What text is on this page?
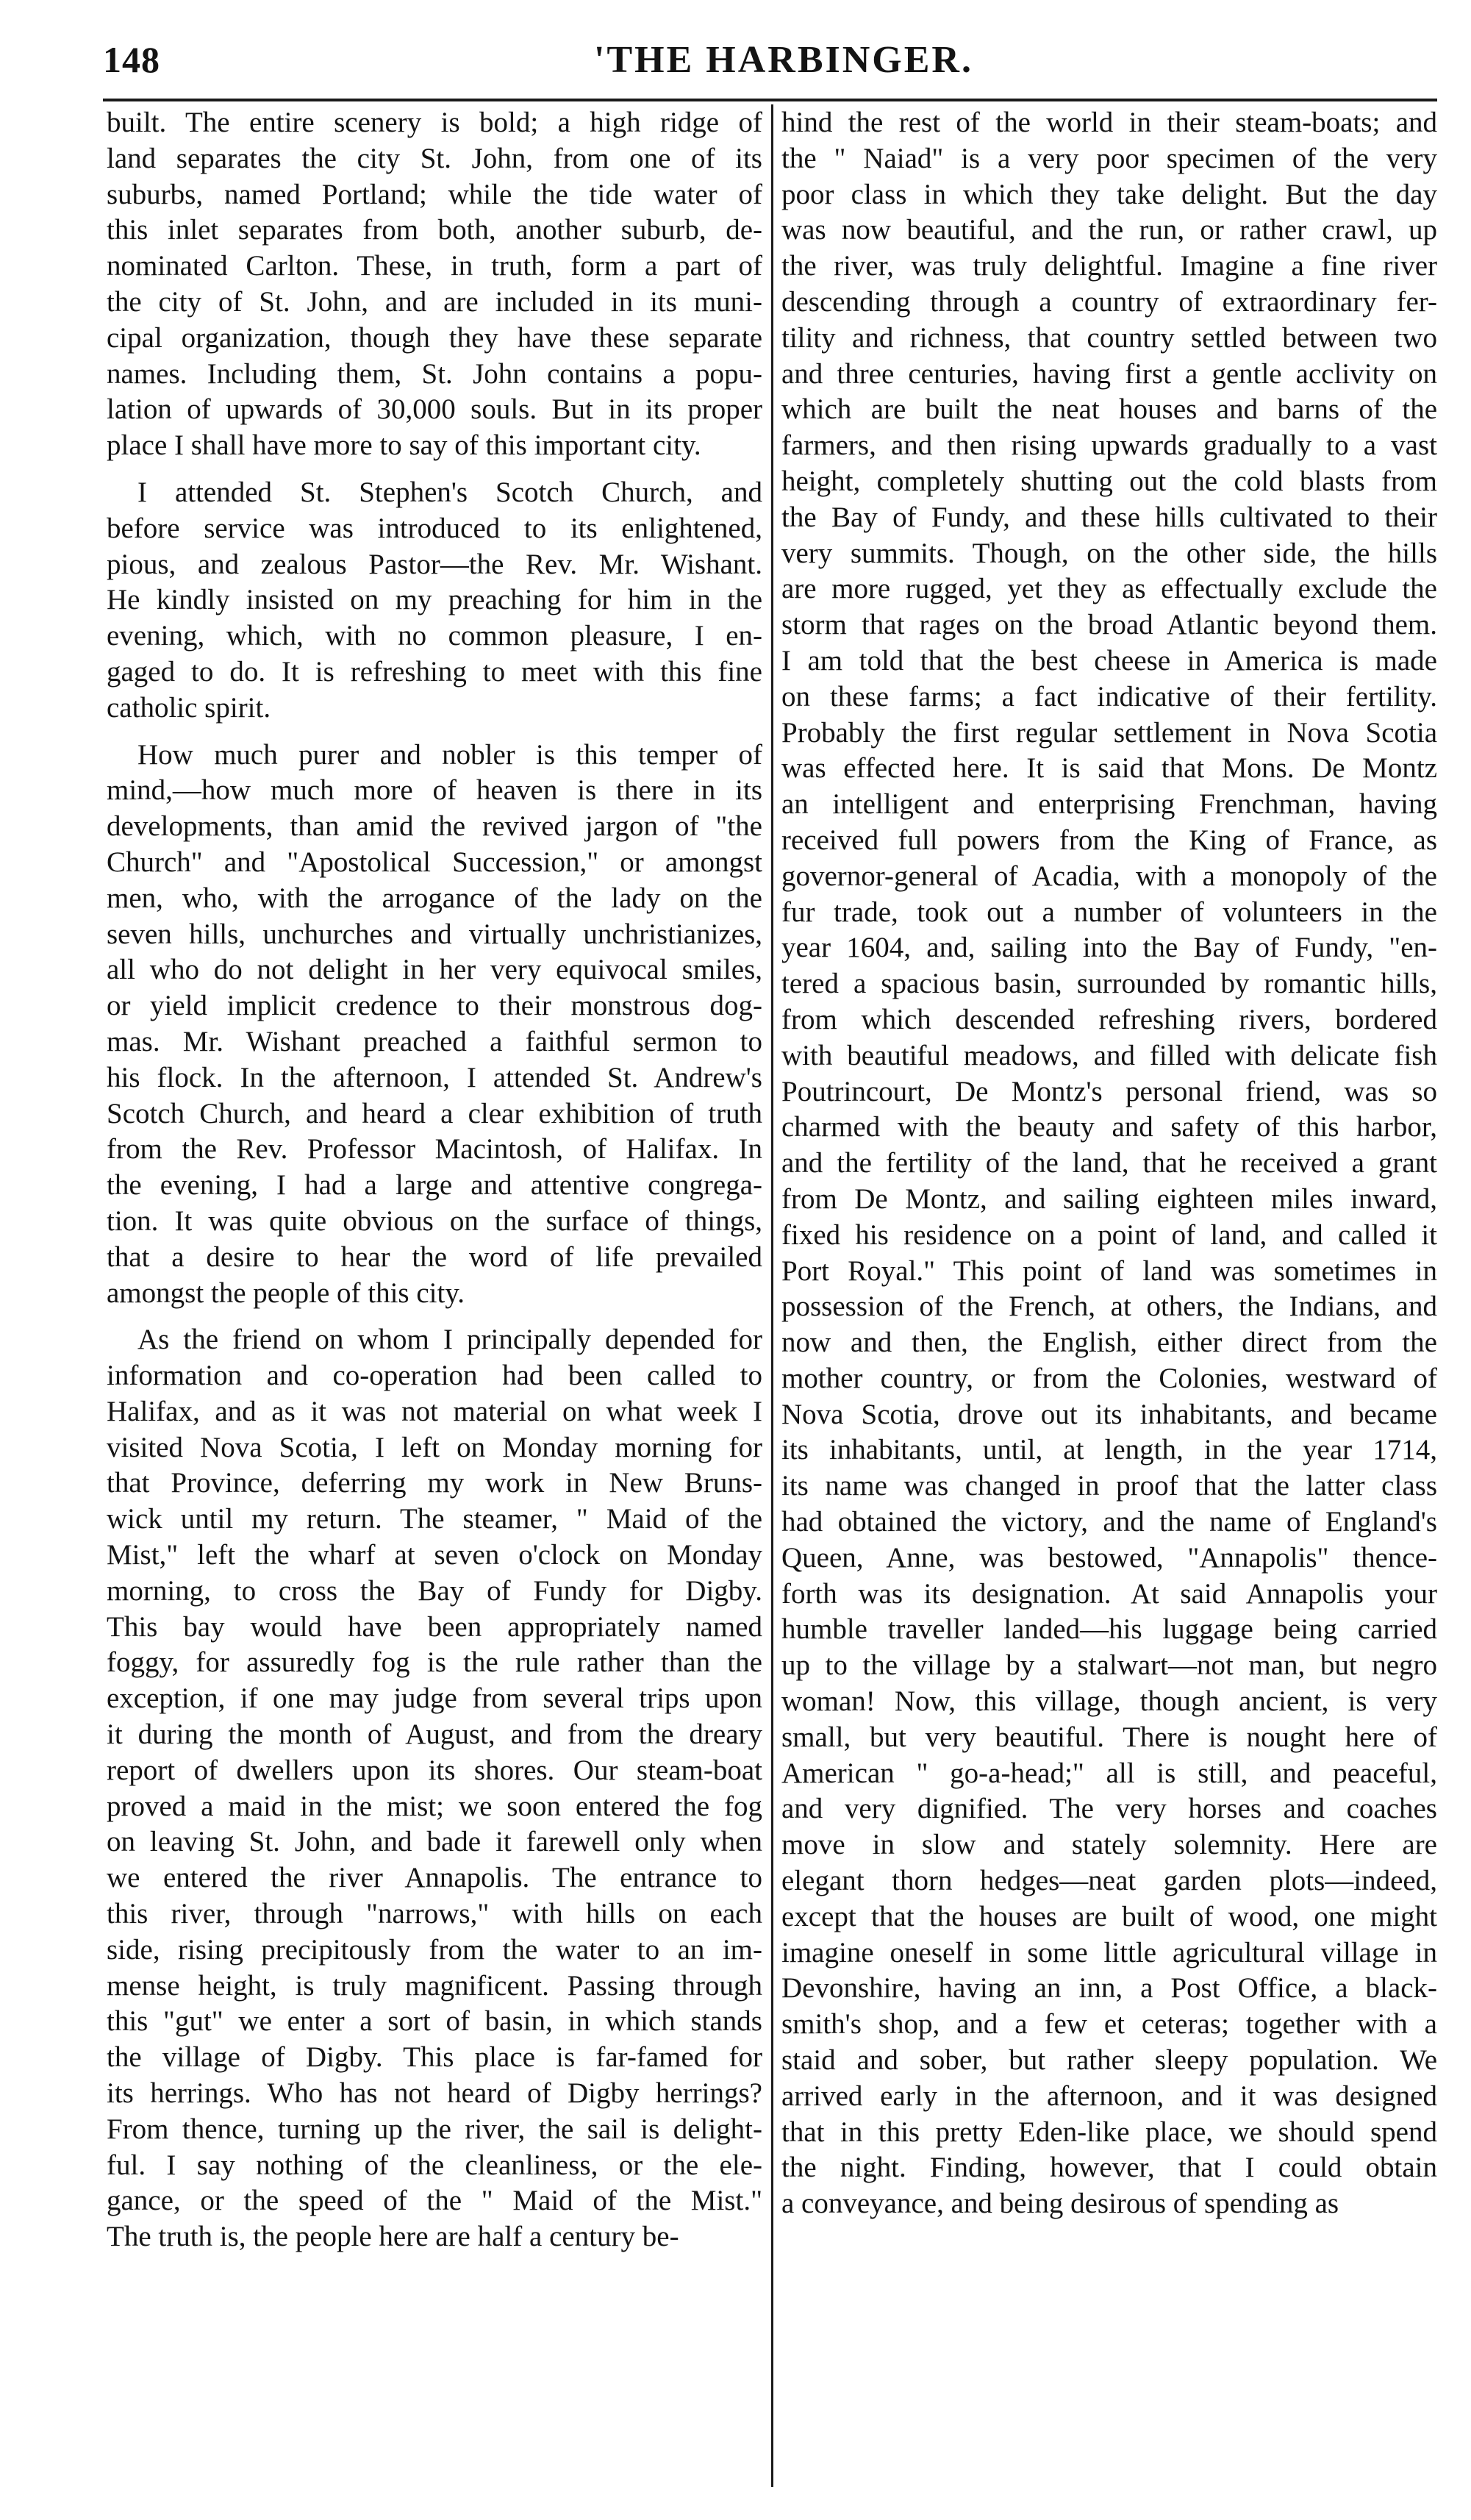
148	'THE HARBINGER.
built. The entire scenery is bold; a high ridge of
land separates the city St. John, from one of its
suburbs, named Portland; while the tide water of
this inlet separates from both, another suburb, de-
nominated Carlton. These, in truth, form a part of
the city of St. John, and are included in its muni-
cipal organization, though they have these separate
names. Including them, St. John contains a popu-
lation of upwards of 30,000 souls. But in its proper
place I shall have more to say of this important city.
I attended St. Stephen's Scotch Church, and
before service was introduced to its enlightened,
pious, and zealous Pastor—the Rev. Mr. Wishant.
He kindly insisted on my preaching for him in the
evening, which, with no common pleasure, I en-
gaged to do. It is refreshing to meet with this fine
catholic spirit.
How much purer and nobler is this temper of
mind,—how much more of heaven is there in its
developments, than amid the revived jargon of "the
Church" and "Apostolical Succession," or amongst
men, who, with the arrogance of the lady on the
seven hills, unchurches and virtually unchristianizes,
all who do not delight in her very equivocal smiles,
or yield implicit credence to their monstrous dog-
mas. Mr. Wishant preached a faithful sermon to
his flock. In the afternoon, I attended St. Andrew's
Scotch Church, and heard a clear exhibition of truth
from the Rev. Professor Macintosh, of Halifax. In
the evening, I had a large and attentive congrega-
tion. It was quite obvious on the surface of things,
that a desire to hear the word of life prevailed
amongst the people of this city.
As the friend on whom I principally depended for
information and co-operation had been called to
Halifax, and as it was not material on what week I
visited Nova Scotia, I left on Monday morning for
that Province, deferring my work in New Bruns-
wick until my return. The steamer, " Maid of the
Mist," left the wharf at seven o'clock on Monday
morning, to cross the Bay of Fundy for Digby.
This bay would have been appropriately named
foggy, for assuredly fog is the rule rather than the
exception, if one may judge from several trips upon
it during the month of August, and from the dreary
report of dwellers upon its shores. Our steam-boat
proved a maid in the mist; we soon entered the fog
on leaving St. John, and bade it farewell only when
we entered the river Annapolis. The entrance to
this river, through "narrows," with hills on each
side, rising precipitously from the water to an im-
mense height, is truly magnificent. Passing through
this "gut" we enter a sort of basin, in which stands
the village of Digby. This place is far-famed for
its herrings. Who has not heard of Digby herrings?
From thence, turning up the river, the sail is delight-
ful. I say nothing of the cleanliness, or the ele-
gance, or the speed of the " Maid of the Mist."
The truth is, the people here are half a century be-
hind the rest of the world in their steam-boats; and
the " Naiad" is a very poor specimen of the very
poor class in which they take delight. But the day
was now beautiful, and the run, or rather crawl, up
the river, was truly delightful. Imagine a fine river
descending through a country of extraordinary fer-
tility and richness, that country settled between two
and three centuries, having first a gentle acclivity on
which are built the neat houses and barns of the
farmers, and then rising upwards gradually to a vast
height, completely shutting out the cold blasts from
the Bay of Fundy, and these hills cultivated to their
very summits. Though, on the other side, the hills
are more rugged, yet they as effectually exclude the
storm that rages on the broad Atlantic beyond them.
I am told that the best cheese in America is made
on these farms; a fact indicative of their fertility.
Probably the first regular settlement in Nova Scotia
was effected here. It is said that Mons. De Montz
an intelligent and enterprising Frenchman, having
received full powers from the King of France, as
governor-general of Acadia, with a monopoly of the
fur trade, took out a number of volunteers in the
year 1604, and, sailing into the Bay of Fundy, "en-
tered a spacious basin, surrounded by romantic hills,
from which descended refreshing rivers, bordered
with beautiful meadows, and filled with delicate fish
Poutrincourt, De Montz's personal friend, was so
charmed with the beauty and safety of this harbor,
and the fertility of the land, that he received a grant
from De Montz, and sailing eighteen miles inward,
fixed his residence on a point of land, and called it
Port Royal." This point of land was sometimes in
possession of the French, at others, the Indians, and
now and then, the English, either direct from the
mother country, or from the Colonies, westward of
Nova Scotia, drove out its inhabitants, and became
its inhabitants, until, at length, in the year 1714,
its name was changed in proof that the latter class
had obtained the victory, and the name of England's
Queen, Anne, was bestowed, "Annapolis" thence-
forth was its designation. At said Annapolis your
humble traveller landed—his luggage being carried
up to the village by a stalwart—not man, but negro
woman! Now, this village, though ancient, is very
small, but very beautiful. There is nought here of
American " go-a-head;" all is still, and peaceful,
and very dignified. The very horses and coaches
move in slow and stately solemnity. Here are
elegant thorn hedges—neat garden plots—indeed,
except that the houses are built of wood, one might
imagine oneself in some little agricultural village in
Devonshire, having an inn, a Post Office, a black-
smith's shop, and a few et ceteras; together with a
staid and sober, but rather sleepy population. We
arrived early in the afternoon, and it was designed
that in this pretty Eden-like place, we should spend
the night. Finding, however, that I could obtain
a conveyance, and being desirous of spending as
